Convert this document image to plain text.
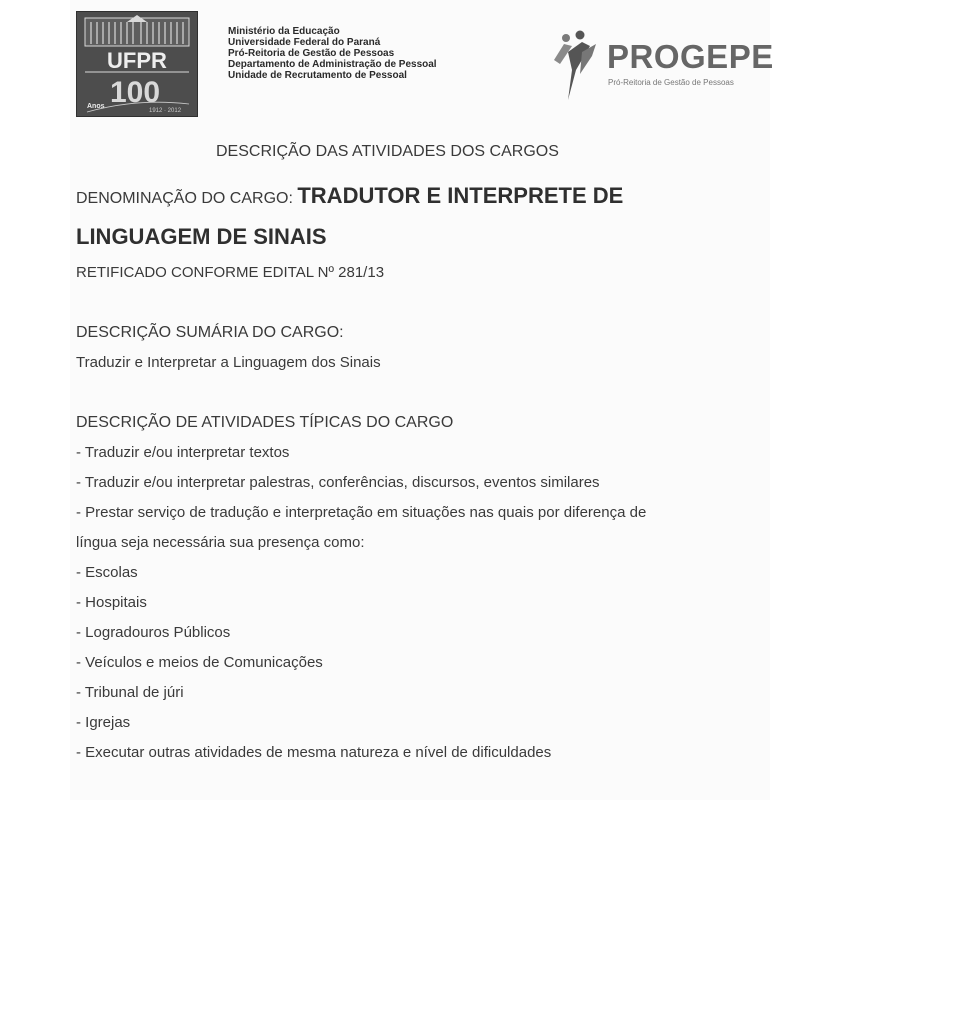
UFPR
100
Anos
1912 · 2012
Ministério da Educação
Universidade Federal do Paraná
Pró-Reitoria de Gestão de Pessoas
Departamento de Administração de Pessoal
Unidade de Recrutamento de Pessoal
PROGEPE
Pró-Reitoria de Gestão de Pessoas
DESCRIÇÃO DAS ATIVIDADES DOS CARGOS
DENOMINAÇÃO DO CARGO: TRADUTOR E INTERPRETE DE
LINGUAGEM DE SINAIS
RETIFICADO CONFORME EDITAL Nº 281/13
DESCRIÇÃO SUMÁRIA DO CARGO:
Traduzir e Interpretar a Linguagem dos Sinais
DESCRIÇÃO DE ATIVIDADES TÍPICAS DO CARGO
- Traduzir e/ou interpretar textos
- Traduzir e/ou interpretar palestras, conferências, discursos, eventos similares
- Prestar serviço de tradução e interpretação em situações nas quais por diferença de
língua seja necessária sua presença como:
- Escolas
- Hospitais
- Logradouros Públicos
- Veículos e meios de Comunicações
- Tribunal de júri
- Igrejas
- Executar outras atividades de mesma natureza e nível de dificuldades
